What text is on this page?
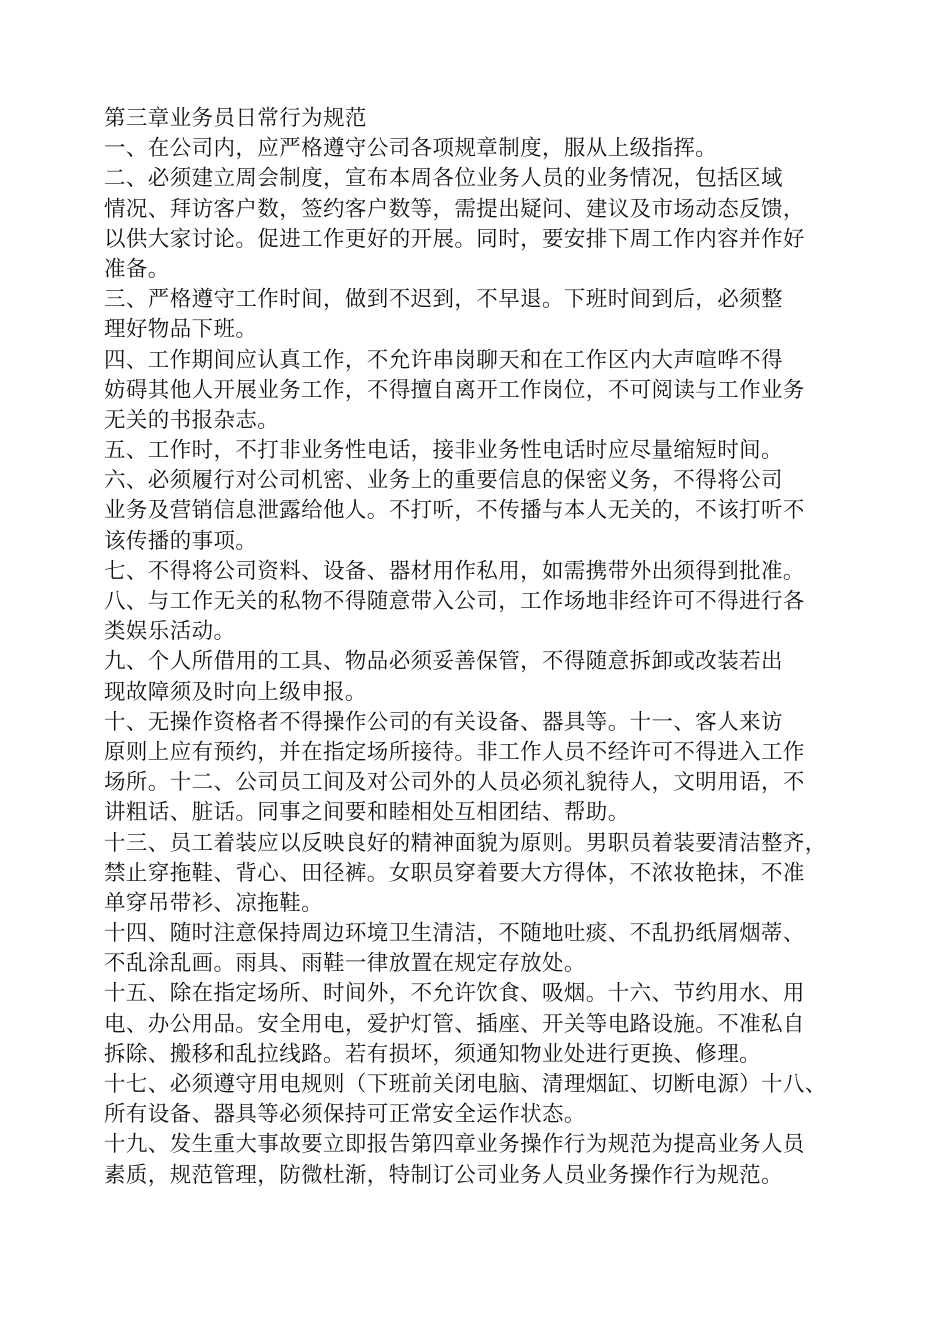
第三章业务员日常行为规范
一、在公司内，应严格遵守公司各项规章制度，服从上级指挥。
二、必须建立周会制度，宣布本周各位业务人员的业务情况，包括区域
情况、拜访客户数，签约客户数等，需提出疑问、建议及市场动态反馈，
以供大家讨论。促进工作更好的开展。同时，要安排下周工作内容并作好
准备。
三、严格遵守工作时间，做到不迟到，不早退。下班时间到后，必须整
理好物品下班。
四、工作期间应认真工作，不允许串岗聊天和在工作区内大声喧哗不得
妨碍其他人开展业务工作，不得擅自离开工作岗位，不可阅读与工作业务
无关的书报杂志。
五、工作时，不打非业务性电话，接非业务性电话时应尽量缩短时间。
六、必须履行对公司机密、业务上的重要信息的保密义务，不得将公司
业务及营销信息泄露给他人。不打听，不传播与本人无关的，不该打听不
该传播的事项。
七、不得将公司资料、设备、器材用作私用，如需携带外出须得到批准。
八、与工作无关的私物不得随意带入公司，工作场地非经许可不得进行各
类娱乐活动。
九、个人所借用的工具、物品必须妥善保管，不得随意拆卸或改装若出
现故障须及时向上级申报。
十、无操作资格者不得操作公司的有关设备、器具等。十一、客人来访
原则上应有预约，并在指定场所接待。非工作人员不经许可不得进入工作
场所。十二、公司员工间及对公司外的人员必须礼貌待人，文明用语，不
讲粗话、脏话。同事之间要和睦相处互相团结、帮助。
十三、员工着装应以反映良好的精神面貌为原则。男职员着装要清洁整齐，
禁止穿拖鞋、背心、田径裤。女职员穿着要大方得体，不浓妆艳抹，不准
单穿吊带衫、凉拖鞋。
十四、随时注意保持周边环境卫生清洁，不随地吐痰、不乱扔纸屑烟蒂、
不乱涂乱画。雨具、雨鞋一律放置在规定存放处。
十五、除在指定场所、时间外，不允许饮食、吸烟。十六、节约用水、用
电、办公用品。安全用电，爱护灯管、插座、开关等电路设施。不准私自
拆除、搬移和乱拉线路。若有损坏，须通知物业处进行更换、修理。
十七、必须遵守用电规则（下班前关闭电脑、清理烟缸、切断电源）十八、
所有设备、器具等必须保持可正常安全运作状态。
十九、发生重大事故要立即报告第四章业务操作行为规范为提高业务人员
素质，规范管理，防微杜渐，特制订公司业务人员业务操作行为规范。
